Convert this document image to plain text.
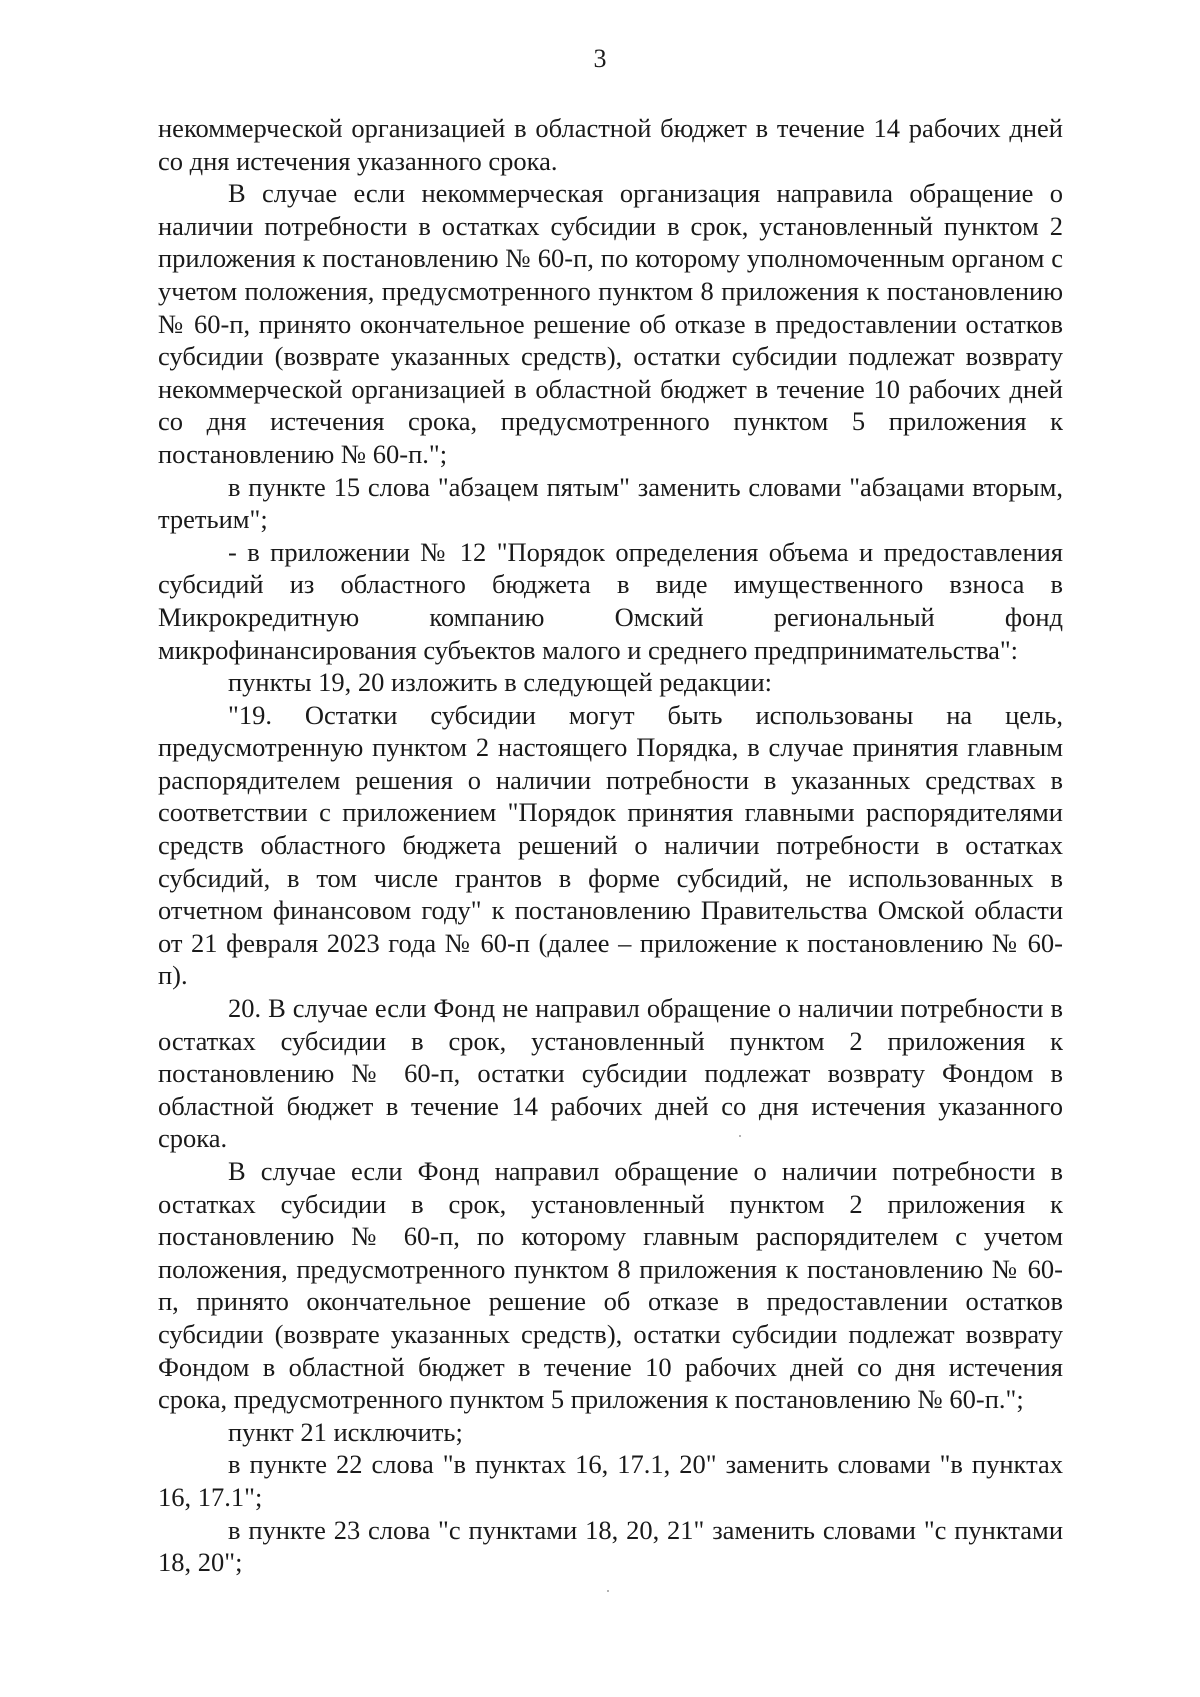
3

некоммерческой организацией в областной бюджет в течение 14 рабочих дней со дня истечения указанного срока.

В случае если некоммерческая организация направила обращение о наличии потребности в остатках субсидии в срок, установленный пунктом 2 приложения к постановлению № 60-п, по которому уполномоченным органом с учетом положения, предусмотренного пунктом 8 приложения к постановлению № 60-п, принято окончательное решение об отказе в предоставлении остатков субсидии (возврате указанных средств), остатки субсидии подлежат возврату некоммерческой организацией в областной бюджет в течение 10 рабочих дней со дня истечения срока, предусмотренного пунктом 5 приложения к постановлению № 60-п.";

в пункте 15 слова "абзацем пятым" заменить словами "абзацами вторым, третьим";

- в приложении № 12 "Порядок определения объема и предоставления субсидий из областного бюджета в виде имущественного взноса в Микрокредитную компанию Омский региональный фонд микрофинансирования субъектов малого и среднего предпринимательства":

пункты 19, 20 изложить в следующей редакции:

"19. Остатки субсидии могут быть использованы на цель, предусмотренную пунктом 2 настоящего Порядка, в случае принятия главным распорядителем решения о наличии потребности в указанных средствах в соответствии с приложением "Порядок принятия главными распорядителями средств областного бюджета решений о наличии потребности в остатках субсидий, в том числе грантов в форме субсидий, не использованных в отчетном финансовом году" к постановлению Правительства Омской области от 21 февраля 2023 года № 60-п (далее – приложение к постановлению № 60-п).

20. В случае если Фонд не направил обращение о наличии потребности в остатках субсидии в срок, установленный пунктом 2 приложения к постановлению № 60-п, остатки субсидии подлежат возврату Фондом в областной бюджет в течение 14 рабочих дней со дня истечения указанного срока.

В случае если Фонд направил обращение о наличии потребности в остатках субсидии в срок, установленный пунктом 2 приложения к постановлению № 60-п, по которому главным распорядителем с учетом положения, предусмотренного пунктом 8 приложения к постановлению № 60-п, принято окончательное решение об отказе в предоставлении остатков субсидии (возврате указанных средств), остатки субсидии подлежат возврату Фондом в областной бюджет в течение 10 рабочих дней со дня истечения срока, предусмотренного пунктом 5 приложения к постановлению № 60-п.";

пункт 21 исключить;

в пункте 22 слова "в пунктах 16, 17.1, 20" заменить словами "в пунктах 16, 17.1";

в пункте 23 слова "с пунктами 18, 20, 21" заменить словами "с пунктами 18, 20";
